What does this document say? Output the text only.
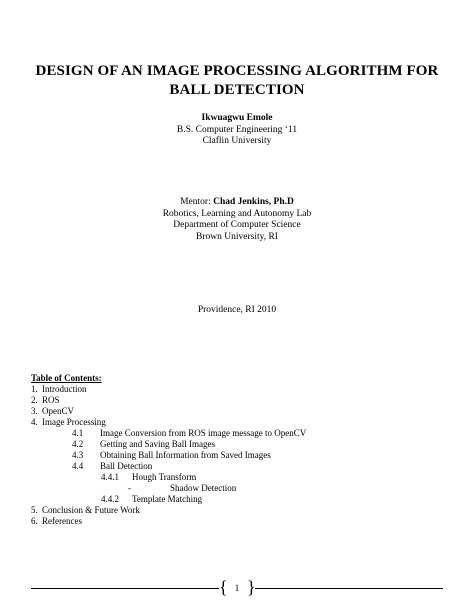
DESIGN OF AN IMAGE PROCESSING ALGORITHM FOR
BALL DETECTION
Ikwuagwu Emole
B.S. Computer Engineering ‘11
Claflin University
Mentor: Chad Jenkins, Ph.D
Robotics, Learning and Autonomy Lab
Department of Computer Science
Brown University, RI
Providence, RI 2010
Table of Contents:
1. Introduction
2. ROS
3. OpenCV
4. Image Processing
4.1 Image Conversion from ROS image message to OpenCV
4.2 Getting and Saving Ball Images
4.3 Obtaining Ball Information from Saved Images
4.4 Ball Detection
4.4.1 Hough Transform
-	Shadow Detection
4.4.2 Template Matching
5. Conclusion & Future Work
6. References
{ }
1
